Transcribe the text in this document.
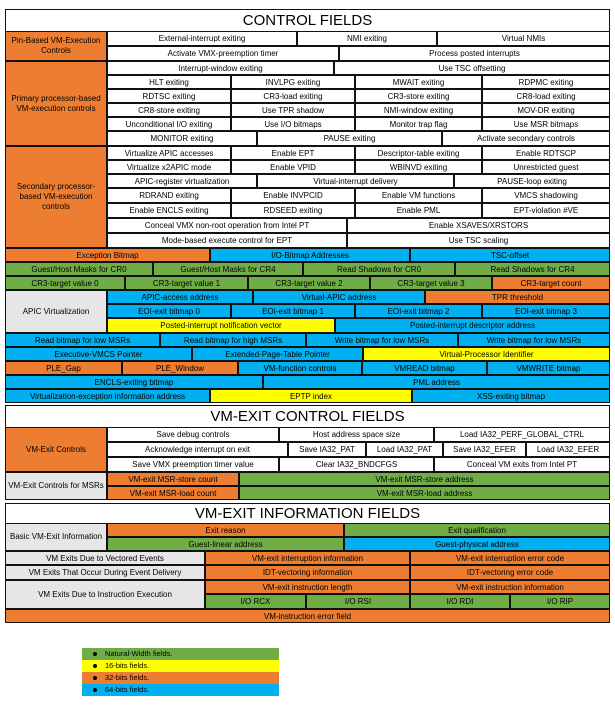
CONTROL FIELDS
Pin-Based VM-Execution Controls
External-interrupt exiting	NMI exiting	Virtual NMIs
Activate VMX-preemption timer	Process posted interrupts
Primary processor-based VM-execution controls
Interrupt-window exiting	Use TSC offsetting
HLT exiting	INVLPG exiting	MWAIT exiting	RDPMC exiting
RDTSC exiting	CR3-load exiting	CR3-store exiting	CR8-load exiting
CR8-store exiting	Use TPR shadow	NMI-window exiting	MOV-DR exiting
Unconditional I/O exiting	Use I/O bitmaps	Monitor trap flag	Use MSR bitmaps
MONITOR exiting	PAUSE exiting	Activate secondary controls
Secondary processor-based VM-execution controls
Virtualize APIC accesses	Enable EPT	Descriptor-table exiting	Enable RDTSCP
Virtualize x2APIC mode	Enable VPID	WBINVD exiting	Unrestricted guest
APIC-register virtualization	Virtual-interrupt delivery	PAUSE-loop exiting
RDRAND exiting	Enable INVPCID	Enable VM functions	VMCS shadowing
Enable ENCLS exiting	RDSEED exiting	Enable PML	EPT-violation #VE
Conceal VMX non-root operation from Intel PT	Enable XSAVES/XRSTORS
Mode-based execute control for EPT	Use TSC scaling
Exception Bitmap	I/O-Bitmap Addresses	TSC-offset
Guest/Host Masks for CR0	Guest/Host Masks for CR4	Read Shadows for CR0	Read Shadows for CR4
CR3-target value 0	CR3-target value 1	CR3-target value 2	CR3-target value 3	CR3-target count
APIC Virtualization
APIC-access address	Virtual-APIC address	TPR threshold
EOI-exit bitmap 0	EOI-exit bitmap 1	EOI-exit bitmap 2	EOI-exit bitmap 3
Posted-interrupt notification vector	Posted-interrupt descriptor address
Read bitmap for low MSRs	Read bitmap for high MSRs	Write bitmap for low MSRs	Write bitmap for low MSRs
Executive-VMCS Pointer	Extended-Page-Table Pointer	Virtual-Processor Identifier
PLE_Gap	PLE_Window	VM-function controls	VMREAD bitmap	VMWRITE bitmap
ENCLS-exiting bitmap	PML address
Virtualization-exception information address	EPTP index	XSS-exiting bitmap
VM-EXIT CONTROL FIELDS
VM-Exit Controls
Save debug controls	Host address space size	Load IA32_PERF_GLOBAL_CTRL
Acknowledge interrupt on exit	Save IA32_PAT	Load IA32_PAT	Save IA32_EFER	Load IA32_EFER
Save VMX preemption timer value	Clear IA32_BNDCFGS	Conceal VM exits from Intel PT
VM-Exit Controls for MSRs
VM-exit MSR-store count	VM-exit MSR-store address
VM-exit MSR-load count	VM-exit MSR-load address
VM-EXIT INFORMATION FIELDS
Basic VM-Exit Information
Exit reason	Exit qualification
Guest-linear address	Guest-physical address
VM Exits Due to Vectored Events	VM-exit interruption information	VM-exit interruption error code
VM Exits That Occur During Event Delivery	IDT-vectoring information	IDT-vectoring error code
VM Exits Due to Instruction Execution
VM-exit instruction length	VM-exit instruction information
I/O RCX	I/O RSI	I/O RDI	I/O RIP
VM-instruction error field
Natural-Width fields.
16-bits fields.
32-bits fields.
64-bits fields.
